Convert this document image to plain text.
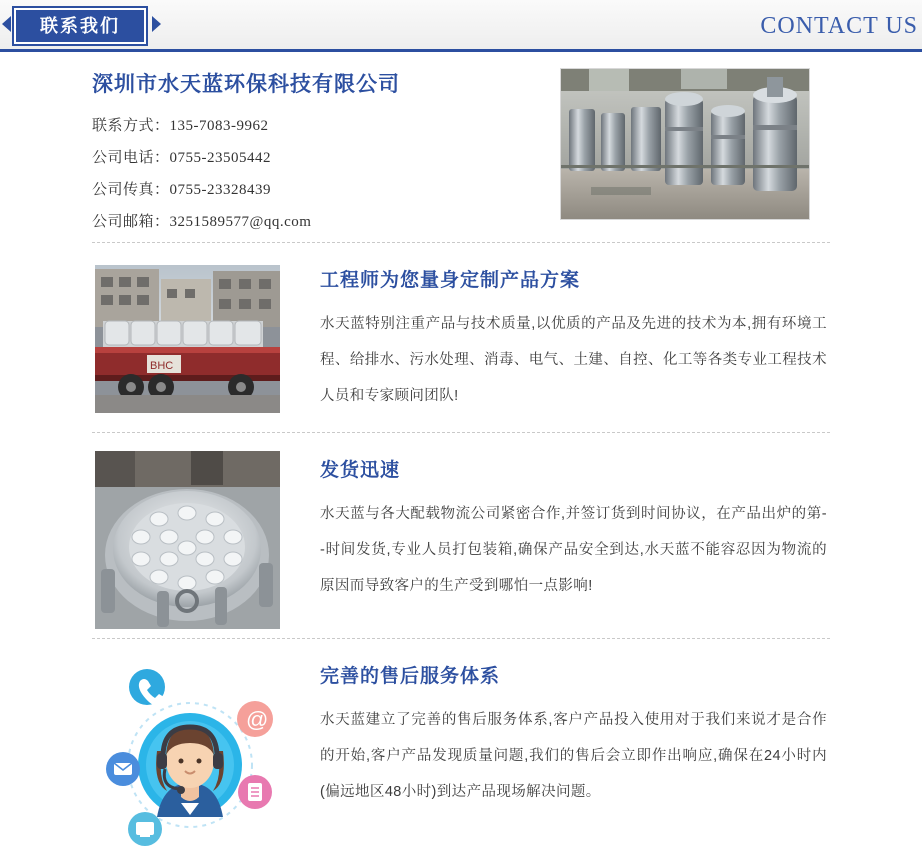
联系我们	CONTACT US
深圳市水天蓝环保科技有限公司
联系方式：135-7083-9962
公司电话：0755-23505442
公司传真：0755-23328439
公司邮箱：3251589577@qq.com
BHC
工程师为您量身定制产品方案
水天蓝特别注重产品与技术质量,以优质的产品及先进的技术为本,拥有环境工程、给排水、污水处理、消毒、电气、土建、自控、化工等各类专业工程技术人员和专家顾问团队!
发货迅速
水天蓝与各大配载物流公司紧密合作,并签订货到时间协议，在产品出炉的第- -时间发货,专业人员打包装箱,确保产品安全到达,水天蓝不能容忍因为物流的原因而导致客户的生产受到哪怕一点影响!
@
完善的售后服务体系
水天蓝建立了完善的售后服务体系,客户产品投入使用对于我们来说才是合作的开始,客户产品发现质量问题,我们的售后会立即作出响应,确保在24小时内(偏远地区48小时)到达产品现场解决问题。
